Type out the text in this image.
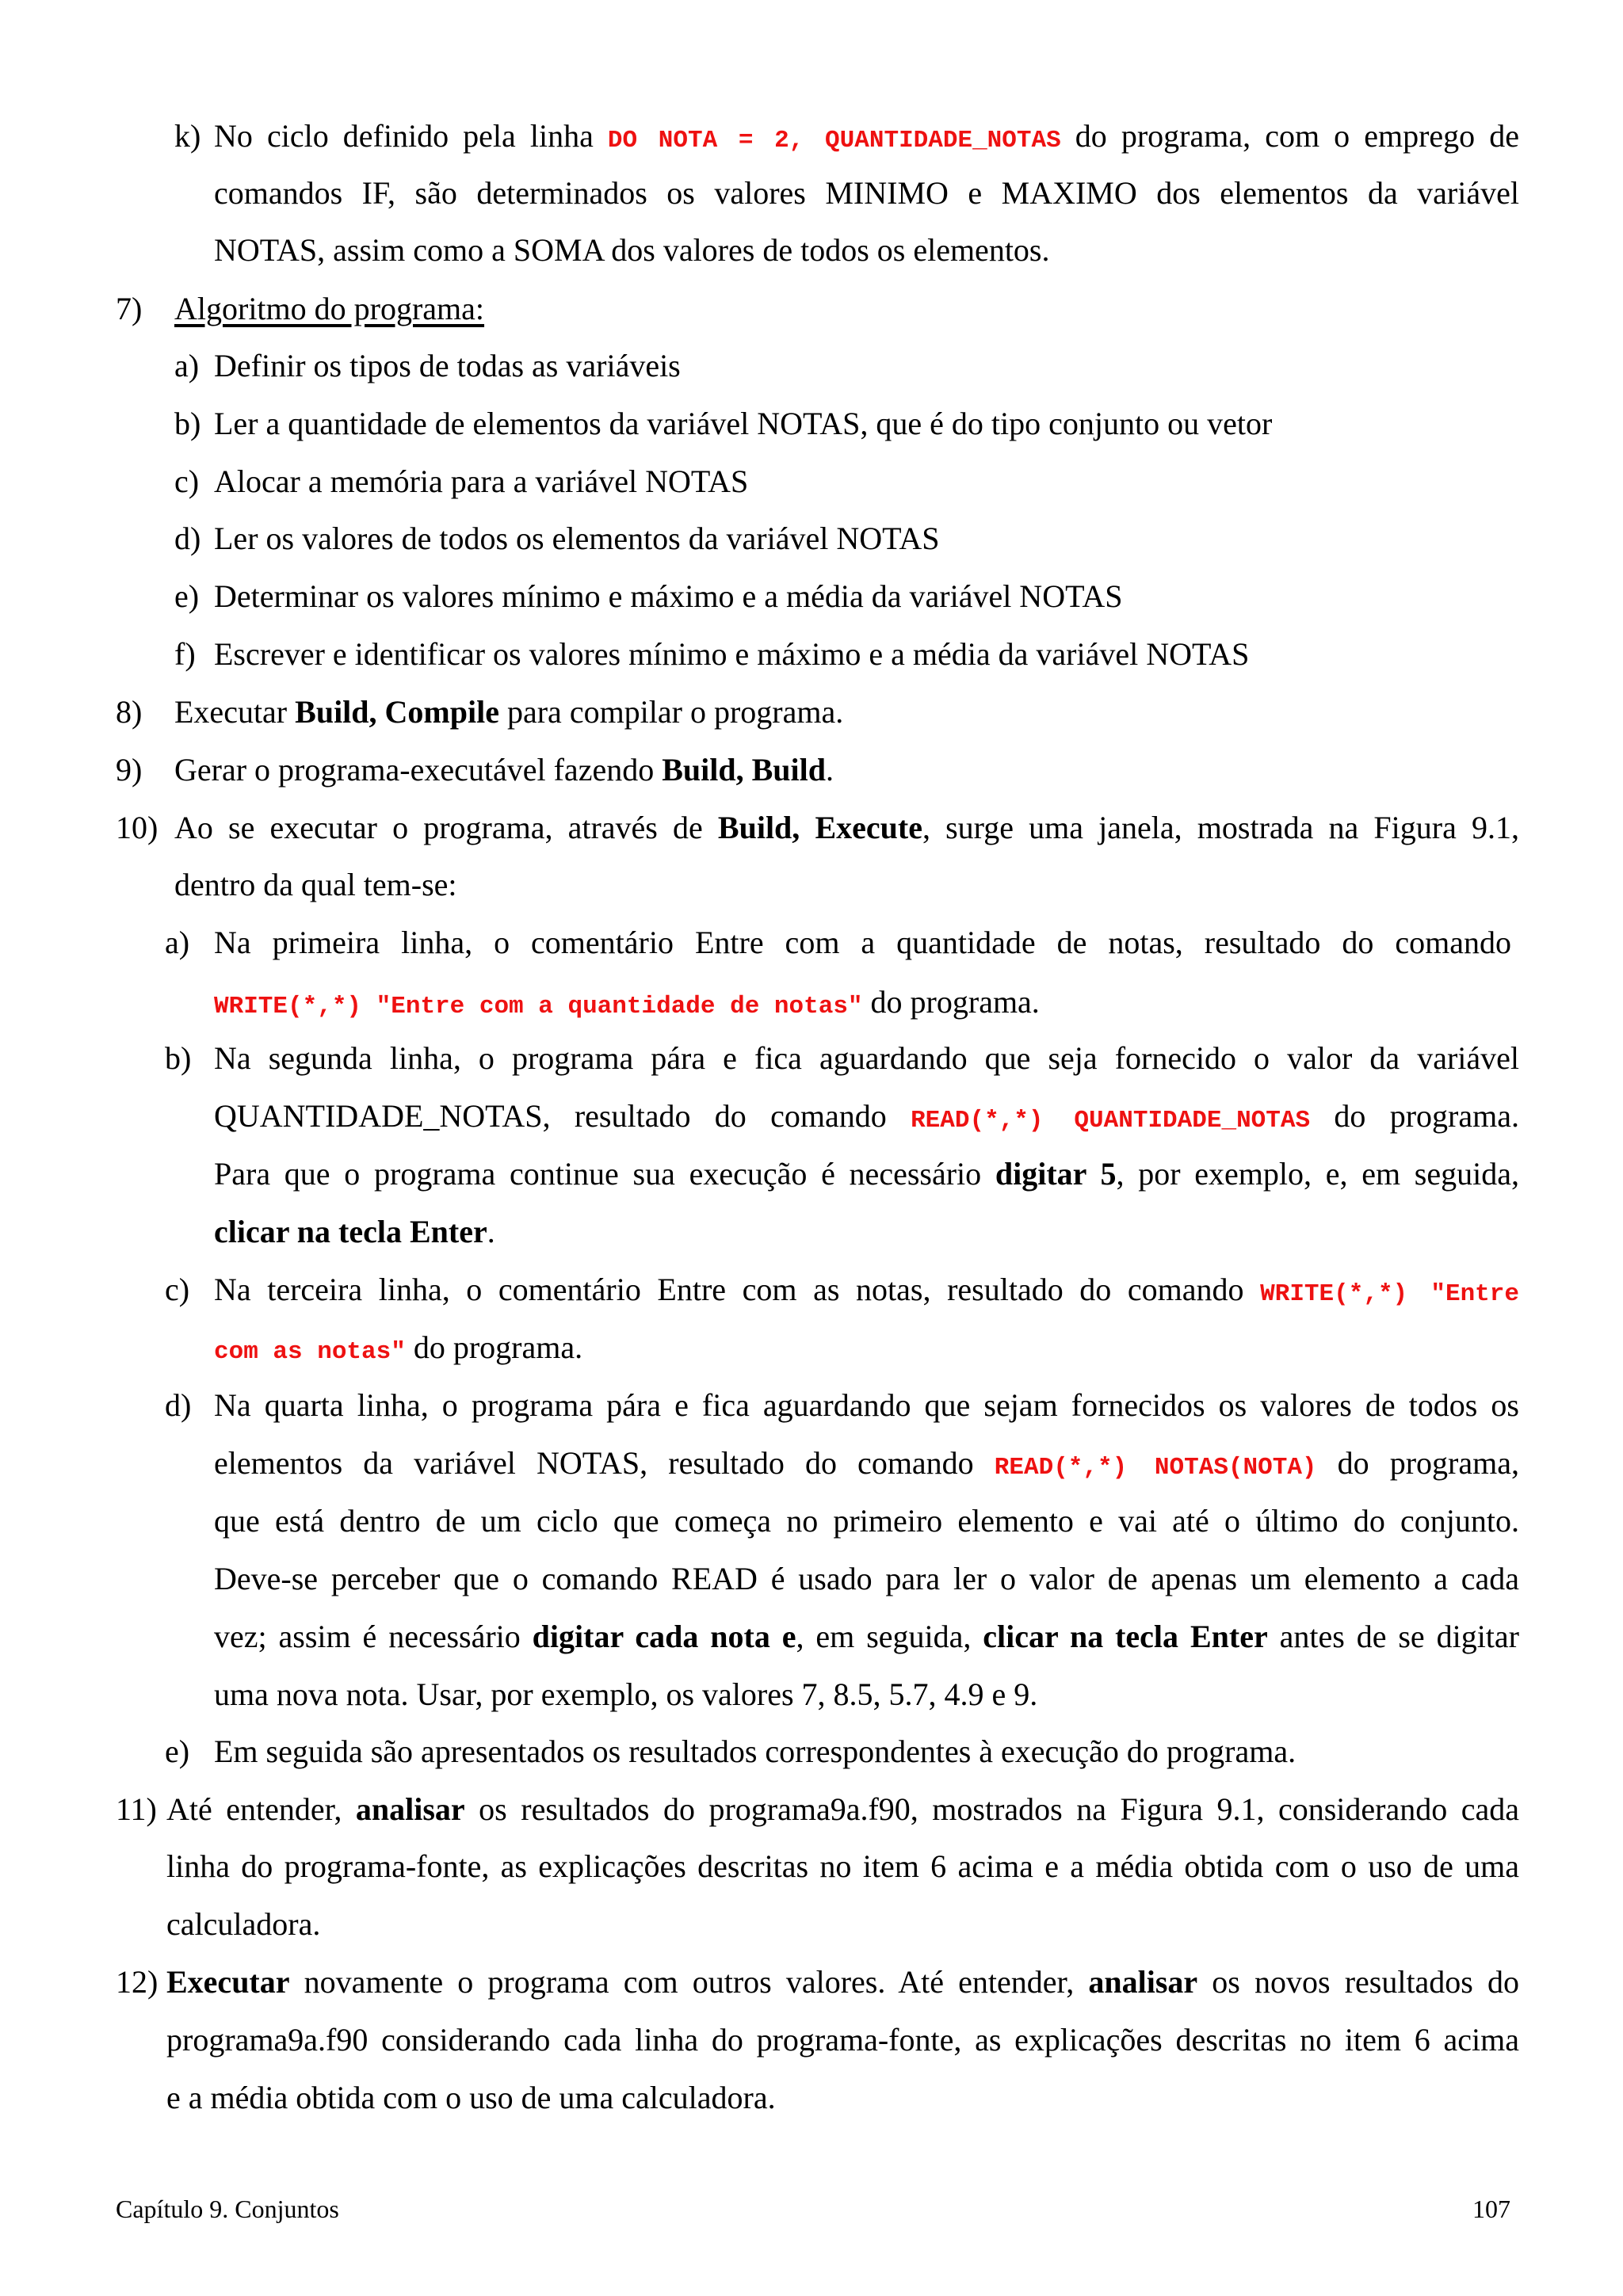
k) No ciclo definido pela linha DO NOTA = 2, QUANTIDADE_NOTAS do programa, com o emprego de
comandos IF, são determinados os valores MINIMO e MAXIMO dos elementos da variável
NOTAS, assim como a SOMA dos valores de todos os elementos.
7) Algoritmo do programa:
a) Definir os tipos de todas as variáveis
b) Ler a quantidade de elementos da variável NOTAS, que é do tipo conjunto ou vetor
c) Alocar a memória para a variável NOTAS
d) Ler os valores de todos os elementos da variável NOTAS
e) Determinar os valores mínimo e máximo e a média da variável NOTAS
f) Escrever e identificar os valores mínimo e máximo e a média da variável NOTAS
8) Executar Build, Compile para compilar o programa.
9) Gerar o programa-executável fazendo Build, Build.
10) Ao se executar o programa, através de Build, Execute, surge uma janela, mostrada na Figura 9.1,
dentro da qual tem-se:
a) Na primeira linha, o comentário Entre com a quantidade de notas, resultado do comando
WRITE(*,*) "Entre com a quantidade de notas" do programa.
b) Na segunda linha, o programa pára e fica aguardando que seja fornecido o valor da variável
QUANTIDADE_NOTAS, resultado do comando READ(*,*) QUANTIDADE_NOTAS do programa.
Para que o programa continue sua execução é necessário digitar 5, por exemplo, e, em seguida,
clicar na tecla Enter.
c) Na terceira linha, o comentário Entre com as notas, resultado do comando WRITE(*,*) "Entre
com as notas" do programa.
d) Na quarta linha, o programa pára e fica aguardando que sejam fornecidos os valores de todos os
elementos da variável NOTAS, resultado do comando READ(*,*) NOTAS(NOTA) do programa,
que está dentro de um ciclo que começa no primeiro elemento e vai até o último do conjunto.
Deve-se perceber que o comando READ é usado para ler o valor de apenas um elemento a cada
vez; assim é necessário digitar cada nota e, em seguida, clicar na tecla Enter antes de se digitar
uma nova nota. Usar, por exemplo, os valores 7, 8.5, 5.7, 4.9 e 9.
e) Em seguida são apresentados os resultados correspondentes à execução do programa.
11) Até entender, analisar os resultados do programa9a.f90, mostrados na Figura 9.1, considerando cada
linha do programa-fonte, as explicações descritas no item 6 acima e a média obtida com o uso de uma
calculadora.
12) Executar novamente o programa com outros valores. Até entender, analisar os novos resultados do
programa9a.f90 considerando cada linha do programa-fonte, as explicações descritas no item 6 acima
e a média obtida com o uso de uma calculadora.
Capítulo 9. Conjuntos	107
